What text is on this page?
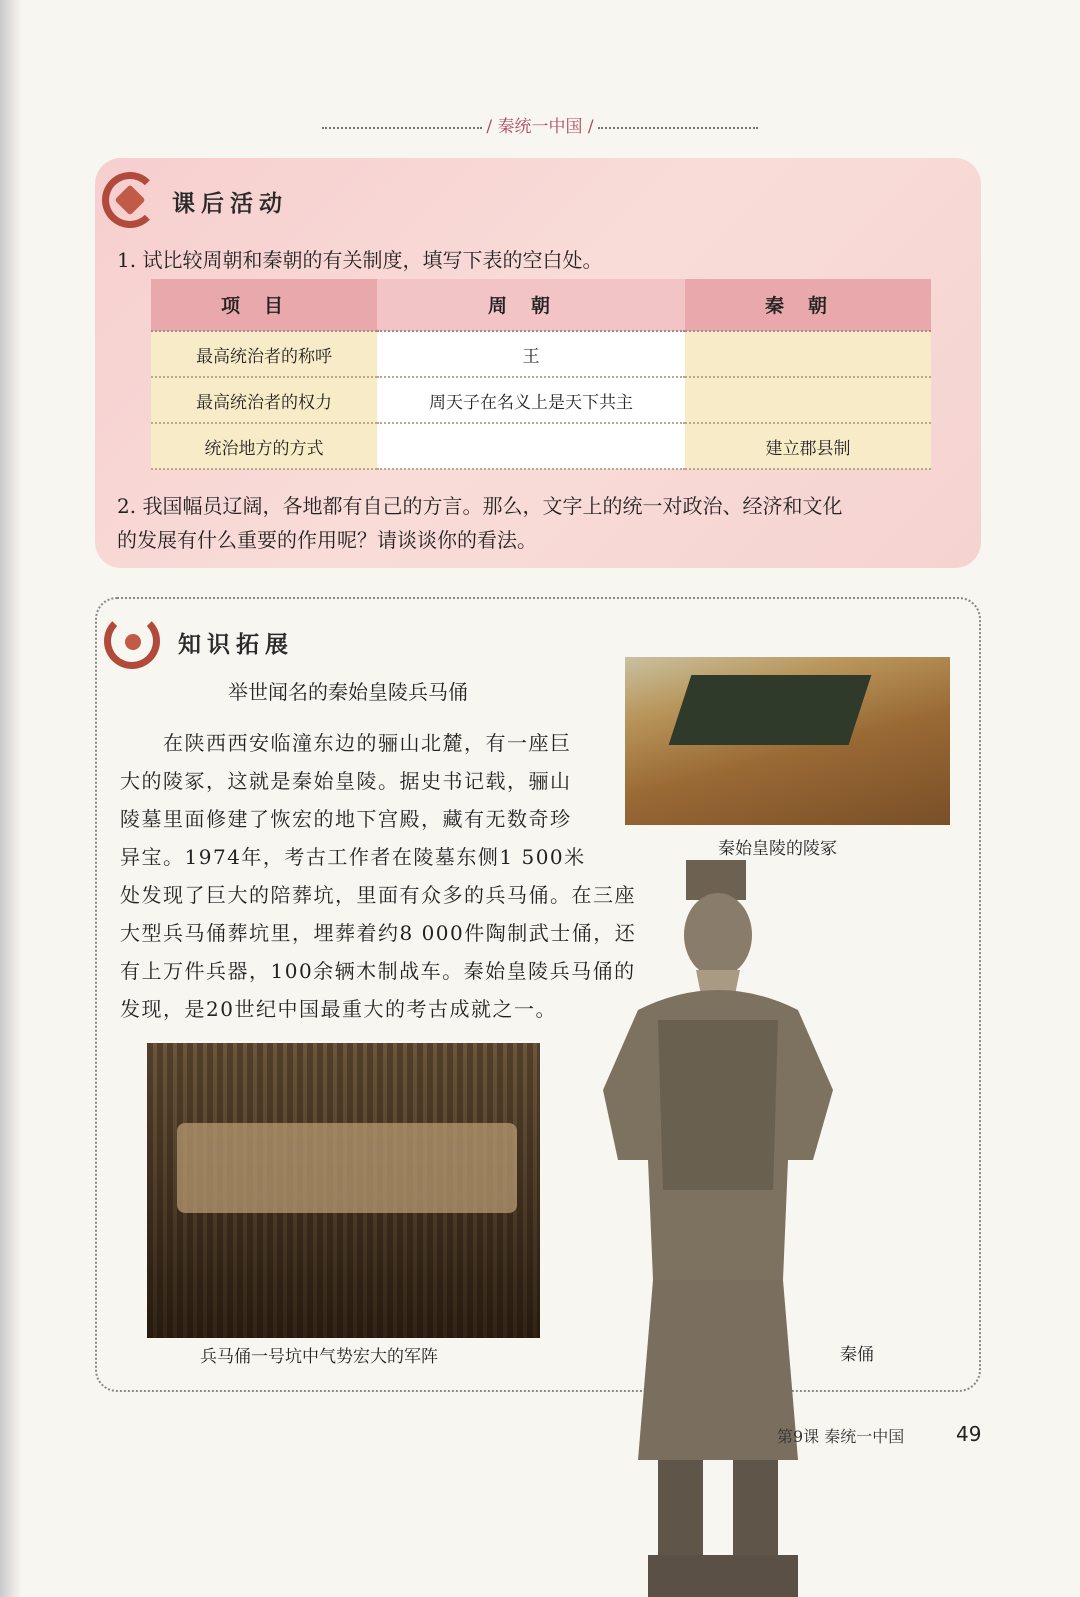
/ 秦统一中国 /
课后活动
1. 试比较周朝和秦朝的有关制度，填写下表的空白处。
项目	周朝	秦朝
最高统治者的称呼	王	
最高统治者的权力	周天子在名义上是天下共主	
统治地方的方式		建立郡县制
2. 我国幅员辽阔，各地都有自己的方言。那么，文字上的统一对政治、经济和文化
的发展有什么重要的作用呢？请谈谈你的看法。
知识拓展
举世闻名的秦始皇陵兵马俑
　　在陕西西安临潼东边的骊山北麓，有一座巨
大的陵冢，这就是秦始皇陵。据史书记载，骊山
陵墓里面修建了恢宏的地下宫殿，藏有无数奇珍
异宝。1974年，考古工作者在陵墓东侧1 500米
处发现了巨大的陪葬坑，里面有众多的兵马俑。在三座
大型兵马俑葬坑里，埋葬着约8 000件陶制武士俑，还
有上万件兵器，100余辆木制战车。秦始皇陵兵马俑的
发现，是20世纪中国最重大的考古成就之一。
秦始皇陵的陵冢
兵马俑一号坑中气势宏大的军阵	秦俑
第9课 秦统一中国	49
